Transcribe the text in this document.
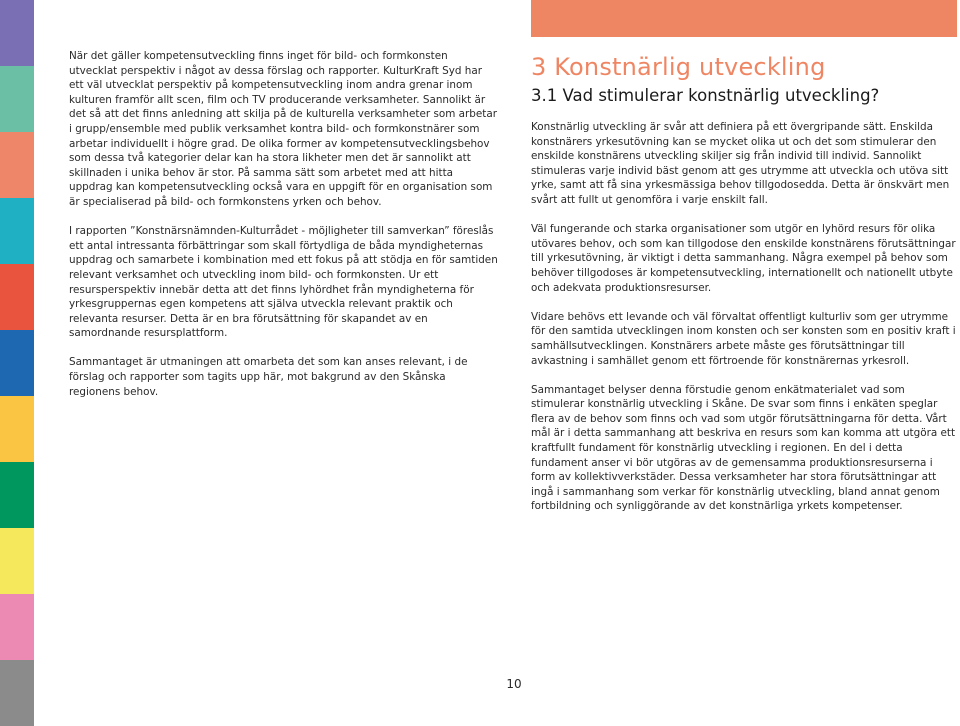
När det gäller kompetensutveckling finns inget för bild- och formkonsten utvecklat perspektiv i något av dessa förslag och rapporter. KulturKraft Syd har ett väl utvecklat perspektiv på kompetensutveckling inom andra grenar inom kulturen framför allt scen, film och TV producerande verksamheter. Sannolikt är det så att det finns anledning att skilja på de kulturella verksamheter som arbetar i grupp/ensemble med publik verksamhet kontra bild- och formkonstnärer som arbetar individuellt i högre grad. De olika former av kompetensutvecklingsbehov som dessa två kategorier delar kan ha stora likheter men det är sannolikt att skillnaden i unika behov är stor. På samma sätt som arbetet med att hitta uppdrag kan kompetensutveckling också vara en uppgift för en organisation som är specialiserad på bild- och formkonstens yrken och behov.

I rapporten ”Konstnärsnämnden-Kulturrådet - möjligheter till samverkan” föreslås ett antal intressanta förbättringar som skall förtydliga de båda myndigheternas uppdrag och samarbete i kombination med ett fokus på att stödja en för samtiden relevant verksamhet och utveckling inom bild- och formkonsten. Ur ett resursperspektiv innebär detta att det finns lyhördhet från myndigheterna för yrkesgruppernas egen kompetens att själva utveckla relevant praktik och relevanta resurser. Detta är en bra förutsättning för skapandet av en samordnande resursplattform.

Sammantaget är utmaningen att omarbeta det som kan anses relevant, i de förslag och rapporter som tagits upp här, mot bakgrund av den Skånska regionens behov.

3 Konstnärlig utveckling
3.1 Vad stimulerar konstnärlig utveckling?

Konstnärlig utveckling är svår att definiera på ett övergripande sätt. Enskilda konstnärers yrkesutövning kan se mycket olika ut och det som stimulerar den enskilde konstnärens utveckling skiljer sig från individ till individ. Sannolikt stimuleras varje individ bäst genom att ges utrymme att utveckla och utöva sitt yrke, samt att få sina yrkesmässiga behov tillgodosedda. Detta är önskvärt men svårt att fullt ut genomföra i varje enskilt fall.

Väl fungerande och starka organisationer som utgör en lyhörd resurs för olika utövares behov, och som kan tillgodose den enskilde konstnärens förutsättningar till yrkesutövning, är viktigt i detta sammanhang. Några exempel på behov som behöver tillgodoses är kompetensutveckling, internationellt och nationellt utbyte och adekvata produktionsresurser.

Vidare behövs ett levande och väl förvaltat offentligt kulturliv som ger utrymme för den samtida utvecklingen inom konsten och ser konsten som en positiv kraft i samhällsutvecklingen. Konstnärers arbete måste ges förutsättningar till avkastning i samhället genom ett förtroende för konstnärernas yrkesroll.

Sammantaget belyser denna förstudie genom enkätmaterialet vad som stimulerar konstnärlig utveckling i Skåne. De svar som finns i enkäten speglar flera av de behov som finns och vad som utgör förutsättningarna för detta. Vårt mål är i detta sammanhang att beskriva en resurs som kan komma att utgöra ett kraftfullt fundament för konstnärlig utveckling i regionen. En del i detta fundament anser vi bör utgöras av de gemensamma produktionsresurserna i form av kollektivverkstäder. Dessa verksamheter har stora förutsättningar att ingå i sammanhang som verkar för konstnärlig utveckling, bland annat genom fortbildning och synliggörande av det konstnärliga yrkets kompetenser.

10
